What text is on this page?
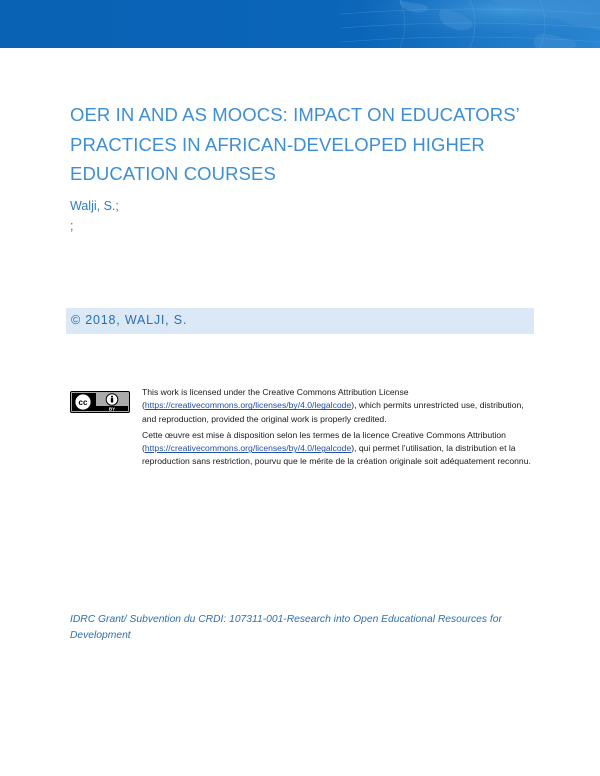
OER IN AND AS MOOCS: IMPACT ON EDUCATORS’ PRACTICES IN AFRICAN-DEVELOPED HIGHER EDUCATION COURSES
Walji, S.;
;
© 2018, WALJI, S.
cc
BY

This work is licensed under the Creative Commons Attribution License (https://creativecommons.org/licenses/by/4.0/legalcode), which permits unrestricted use, distribution, and reproduction, provided the original work is properly credited.

Cette œuvre est mise à disposition selon les termes de la licence Creative Commons Attribution (https://creativecommons.org/licenses/by/4.0/legalcode), qui permet l’utilisation, la distribution et la reproduction sans restriction, pourvu que le mérite de la création originale soit adéquatement reconnu.

IDRC Grant/ Subvention du CRDI: 107311-001-Research into Open Educational Resources for Development
